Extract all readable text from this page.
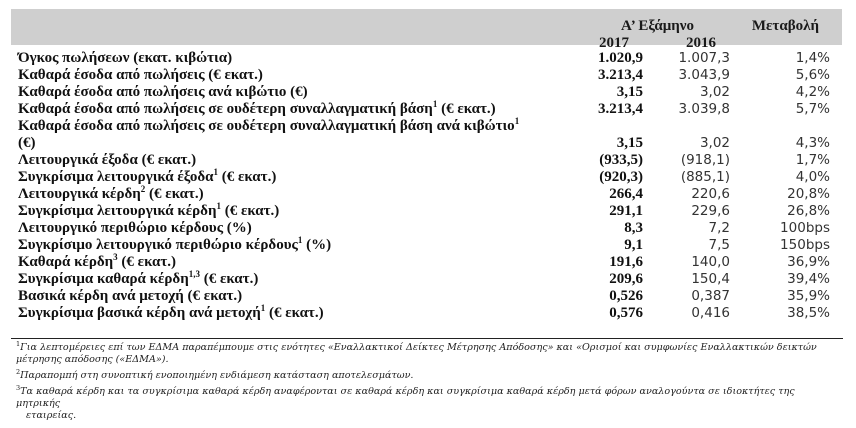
Α’ Εξάμηνο	Μεταβολή
2017	2016
Όγκος πωλήσεων (εκατ. κιβώτια)	1.020,9	1.007,3	1,4%
Καθαρά έσοδα από πωλήσεις (€ εκατ.)	3.213,4	3.043,9	5,6%
Καθαρά έσοδα από πωλήσεις ανά κιβώτιο (€)	3,15	3,02	4,2%
Καθαρά έσοδα από πωλήσεις σε ουδέτερη συναλλαγματική βάση$^1$ (€ εκατ.)	3.213,4	3.039,8	5,7%
Καθαρά έσοδα από πωλήσεις σε ουδέτερη συναλλαγματική βάση ανά κιβώτιο$^1$
(€)	3,15	3,02	4,3%
Λειτουργικά έξοδα (€ εκατ.)	(933,5)	(918,1)	1,7%
Συγκρίσιμα λειτουργικά έξοδα$^1$ (€ εκατ.)	(920,3)	(885,1)	4,0%
Λειτουργικά κέρδη$^2$ (€ εκατ.)	266,4	220,6	20,8%
Συγκρίσιμα λειτουργικά κέρδη$^1$ (€ εκατ.)	291,1	229,6	26,8%
Λειτουργικό περιθώριο κέρδους (%)	8,3	7,2	100bps
Συγκρίσιμο λειτουργικό περιθώριο κέρδους$^1$ (%)	9,1	7,5	150bps
Καθαρά κέρδη$^3$ (€ εκατ.)	191,6	140,0	36,9%
Συγκρίσιμα καθαρά κέρδη$^{1,3}$ (€ εκατ.)	209,6	150,4	39,4%
Βασικά κέρδη ανά μετοχή (€ εκατ.)	0,526	0,387	35,9%
Συγκρίσιμα βασικά κέρδη ανά μετοχή$^1$ (€ εκατ.)	0,576	0,416	38,5%
$^1$Για λεπτομέρειες επί των ΕΔΜΑ παραπέμπουμε στις ενότητες «Εναλλακτικοί Δείκτες Μέτρησης Απόδοσης» και «Ορισμοί και συμφωνίες Εναλλακτικών δεικτών
μέτρησης απόδοσης («ΕΔΜΑ»).
$^2$Παραπομπή στη συνοπτική ενοποιημένη ενδιάμεση κατάσταση αποτελεσμάτων.
$^3$Τα καθαρά κέρδη και τα συγκρίσιμα καθαρά κέρδη αναφέρονται σε καθαρά κέρδη και συγκρίσιμα καθαρά κέρδη μετά φόρων αναλογούντα σε ιδιοκτήτες της μητρικής
εταιρείας.
